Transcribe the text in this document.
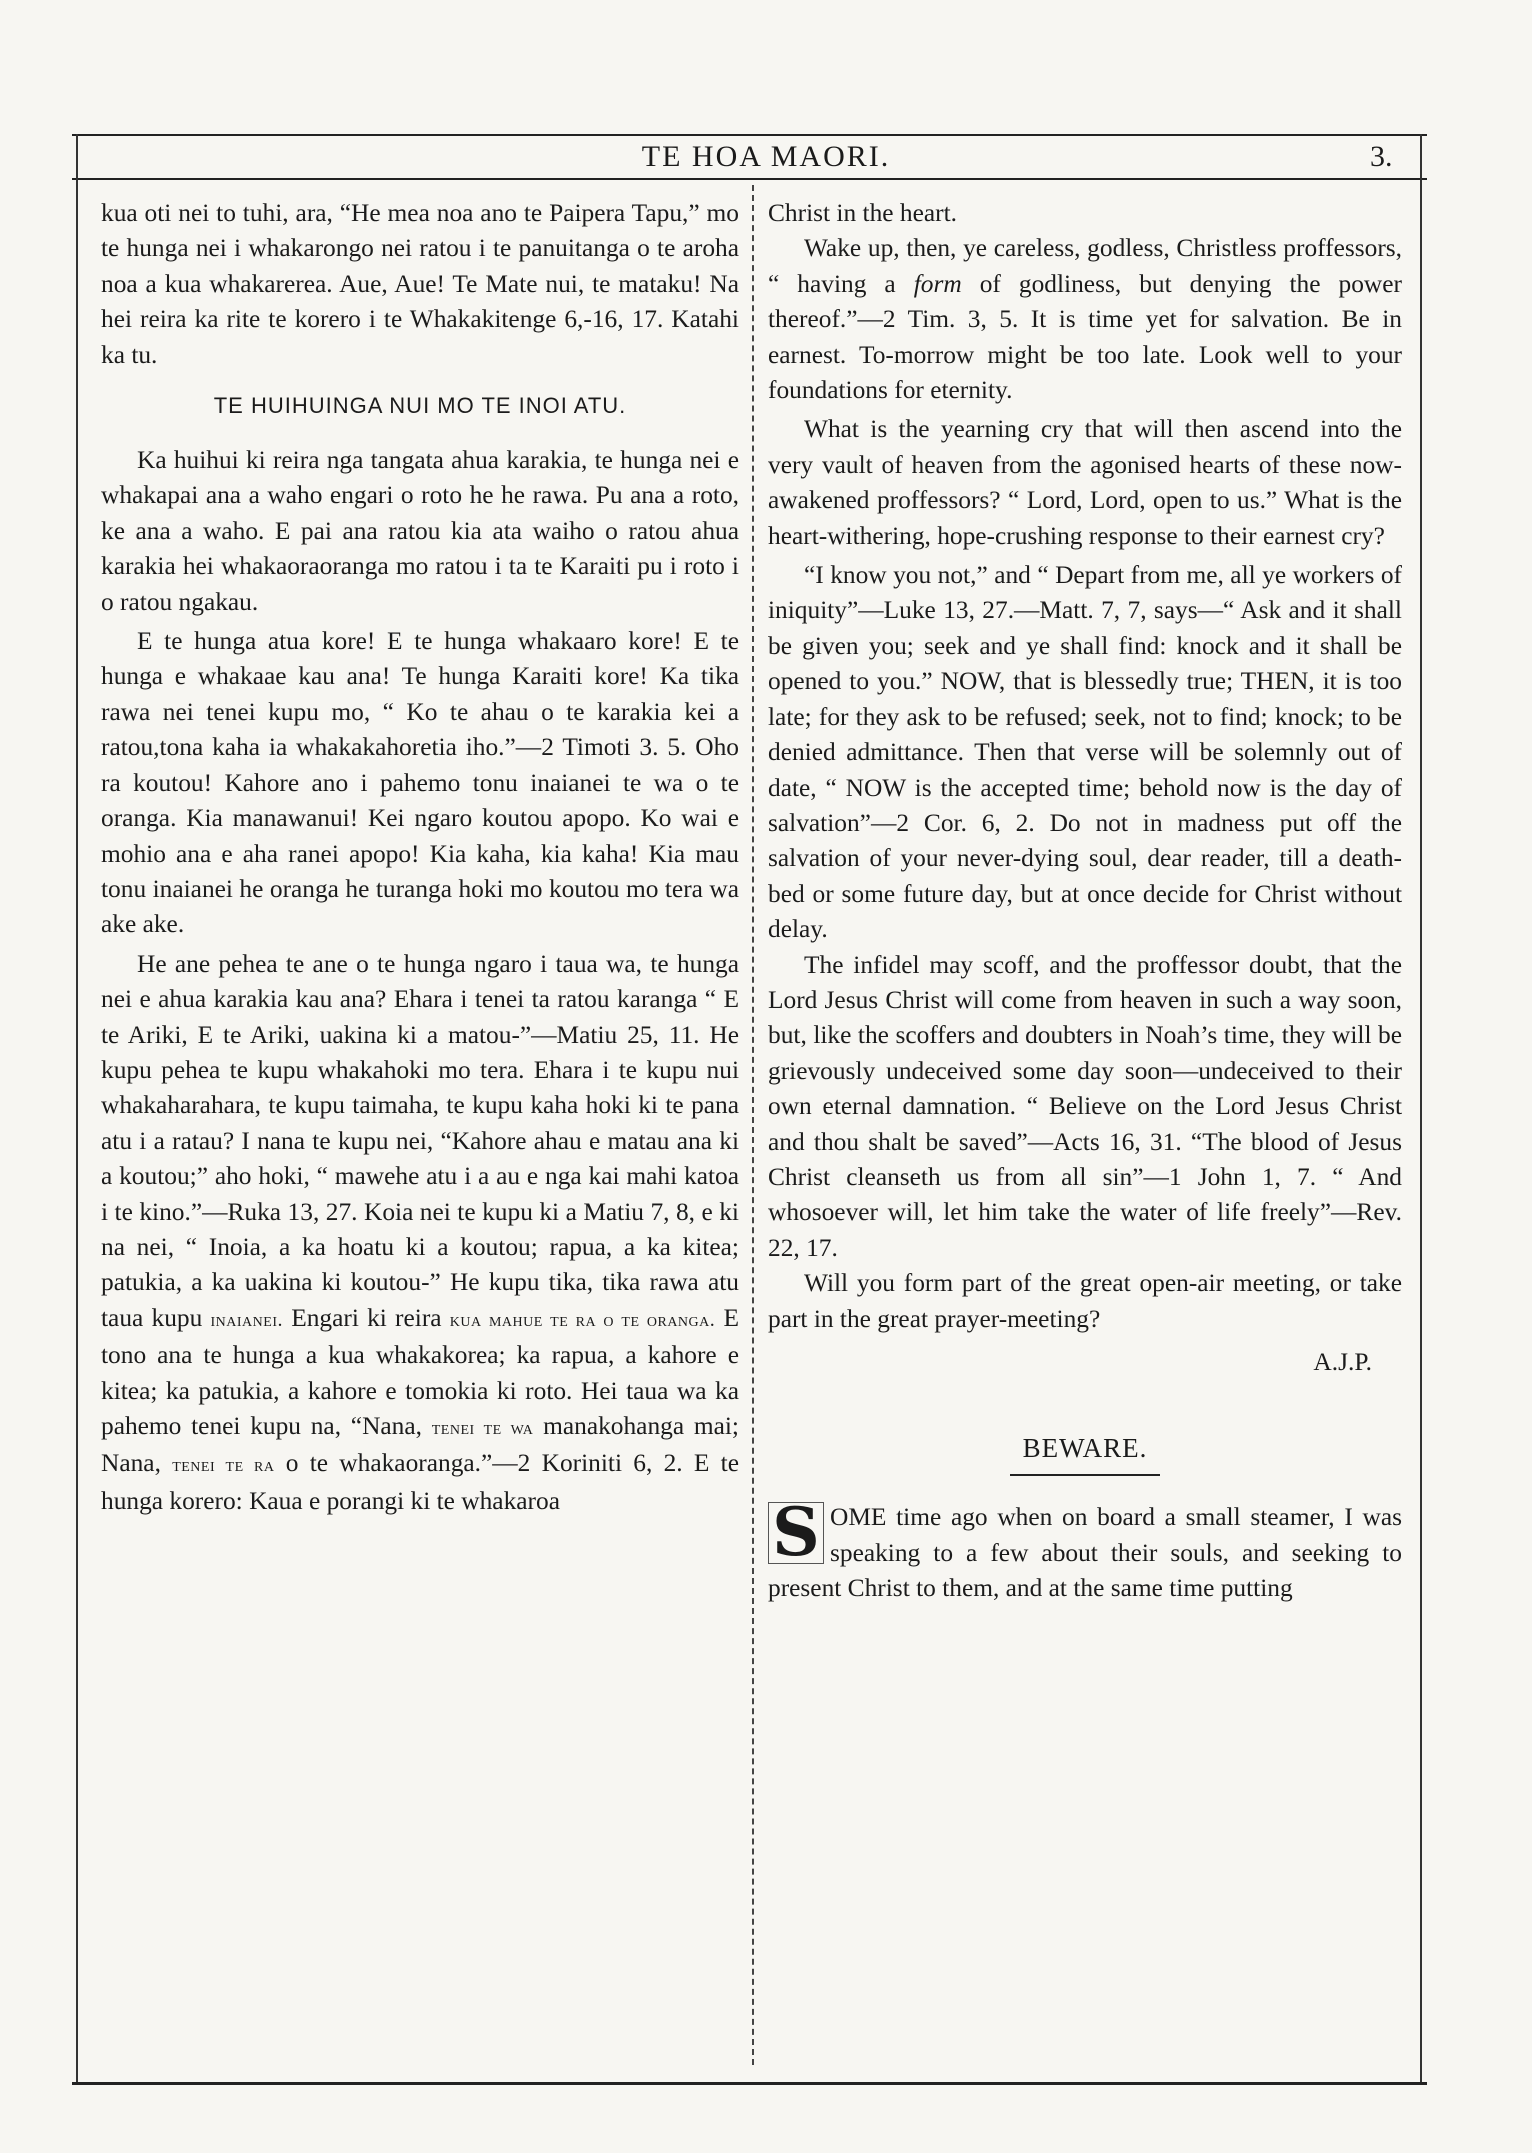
TE HOA MAORI.	3.

kua oti nei to tuhi, ara, “He mea noa ano te Paipera Tapu,” mo te hunga nei i whakarongo nei ratou i te panuitanga o te aroha noa a kua whakarerea. Aue, Aue! Te Mate nui, te mataku! Na hei reira ka rite te korero i te Whakakitenge 6,-16, 17. Katahi ka tu.

TE HUIHUINGA NUI MO TE INOI ATU.

Ka huihui ki reira nga tangata ahua karakia, te hunga nei e whakapai ana a waho engari o roto he he rawa. Pu ana a roto, ke ana a waho. E pai ana ratou kia ata waiho o ratou ahua karakia hei whakaoraoranga mo ratou i ta te Karaiti pu i roto i o ratou ngakau.

E te hunga atua kore! E te hunga whakaaro kore! E te hunga e whakaae kau ana! Te hunga Karaiti kore! Ka tika rawa nei tenei kupu mo, “ Ko te ahau o te karakia kei a ratou,tona kaha ia whakakahoretia iho.”—2 Timoti 3. 5. Oho ra koutou! Kahore ano i pahemo tonu inaianei te wa o te oranga. Kia manawanui! Kei ngaro koutou apopo. Ko wai e mohio ana e aha ranei apopo! Kia kaha, kia kaha! Kia mau tonu inaianei he oranga he turanga hoki mo koutou mo tera wa ake ake.

He ane pehea te ane o te hunga ngaro i taua wa, te hunga nei e ahua karakia kau ana? Ehara i tenei ta ratou karanga “ E te Ariki, E te Ariki, uakina ki a matou-”—Matiu 25, 11. He kupu pehea te kupu whakahoki mo tera. Ehara i te kupu nui whakaharahara, te kupu taimaha, te kupu kaha hoki ki te pana atu i a ratau? I nana te kupu nei, “Kahore ahau e matau ana ki a koutou;” aho hoki, “ mawehe atu i a au e nga kai mahi katoa i te kino.”—Ruka 13, 27. Koia nei te kupu ki a Matiu 7, 8, e ki na nei, “ Inoia, a ka hoatu ki a koutou; rapua, a ka kitea; patukia, a ka uakina ki koutou-” He kupu tika, tika rawa atu taua kupu inaianei. Engari ki reira kua mahue te ra o te oranga. E tono ana te hunga a kua whakakorea; ka rapua, a kahore e kitea; ka patukia, a kahore e tomokia ki roto. Hei taua wa ka pahemo tenei kupu na, “Nana, tenei te wa manakohanga mai; Nana, tenei te ra o te whakaoranga.”—2 Koriniti 6, 2. E te hunga korero: Kaua e porangi ki te whakaroa

Christ in the heart.

Wake up, then, ye careless, godless, Christless proffessors, “ having a form of godliness, but denying the power thereof.”—2 Tim. 3, 5. It is time yet for salvation. Be in earnest. To-morrow might be too late. Look well to your foundations for eternity.

What is the yearning cry that will then ascend into the very vault of heaven from the agonised hearts of these now-awakened proffessors? “ Lord, Lord, open to us.” What is the heart-withering, hope-crushing response to their earnest cry?

“I know you not,” and “ Depart from me, all ye workers of iniquity”—Luke 13, 27.—Matt. 7, 7, says—“ Ask and it shall be given you; seek and ye shall find: knock and it shall be opened to you.” NOW, that is blessedly true; THEN, it is too late; for they ask to be refused; seek, not to find; knock; to be denied admittance. Then that verse will be solemnly out of date, “ NOW is the accepted time; behold now is the day of salvation”—2 Cor. 6, 2. Do not in madness put off the salvation of your never-dying soul, dear reader, till a death-bed or some future day, but at once decide for Christ without delay.

The infidel may scoff, and the proffessor doubt, that the Lord Jesus Christ will come from heaven in such a way soon, but, like the scoffers and doubters in Noah’s time, they will be grievously undeceived some day soon—undeceived to their own eternal damnation. “ Believe on the Lord Jesus Christ and thou shalt be saved”—Acts 16, 31. “The blood of Jesus Christ cleanseth us from all sin”—1 John 1, 7. “ And whosoever will, let him take the water of life freely”—Rev. 22, 17.

Will you form part of the great open-air meeting, or take part in the great prayer-meeting?

A.J.P.

BEWARE.

S OME time ago when on board a small steamer, I was speaking to a few about their souls, and seeking to present Christ to them, and at the same time putting
